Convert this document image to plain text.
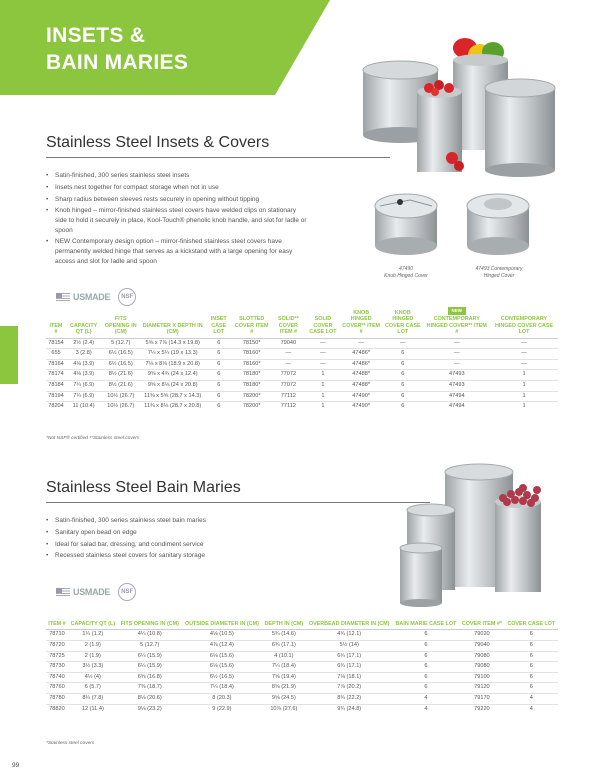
INSETS &
BAIN MARIES
Stainless Steel Insets & Covers
• Satin-finished, 300 series stainless steel insets
• Insets nest together for compact storage when not in use
• Sharp radius between sleeves rests securely in opening without tipping
• Knob hinged – mirror-finished stainless steel covers have welded clips on stationary side to hold it securely in place, Kool-Touch® phenolic knob handle, and slot for ladle or spoon
• NEW Contemporary design option – mirror-finished stainless steel covers have permanently welded hinge that serves as a kickstand with a large opening for easy access and slot for ladle and spoon
47490
Knob Hinged Cover
47493 Contemporary
Hinged Cover
USMADE	NSF
ITEM #	CAPACITY QT (L)	FITS OPENING IN (CM)	DIAMETER X DEPTH IN (CM)	INSET CASE LOT	SLOTTED COVER ITEM #	SOLID** COVER ITEM #	SOLID COVER CASE LOT	KNOB HINGED COVER** ITEM #	KNOB HINGED COVER CASE LOT	NEW
CONTEMPORARY HINGED COVER** ITEM #	CONTEMPORARY HINGED COVER CASE LOT
78154	2½ (2.4)	5 (12.7)	5⅝ x 7⅞ (14.3 x 19.8)	6	78150*	79040	—	—	—	—	—
655	3 (2.8)	6½ (16.5)	7¼ x 5¼ (19 x 13.3)	6	78160*	—	—	47486*	6	—	—
78164	4⅛ (3.9)	6½ (16.5)	7⅛ x 8⅛ (18.9 x 20.8)	6	78160*	—	—	47486*	6	—	—
78174	4⅛ (3.9)	8½ (21.6)	9⅝ x 4¾ (24 x 12.4)	6	78180*	77072	1	47488*	6	47493	1
78184	7¼ (6.9)	8½ (21.6)	9⅝ x 8⅛ (24 x 20.8)	6	78180*	77072	1	47488*	6	47493	1
78194	7¼ (6.9)	10½ (26.7)	11⅜ x 5⅝ (28.7 x 14.3)	6	78200*	77112	1	47490*	6	47494	1
78204	11 (10.4)	10½ (26.7)	11⅜ x 8⅛ (28.7 x 20.8)	6	78200*	77112	1	47490*	6	47494	1
*Not NSF® certified **Stainless steel covers
Stainless Steel Bain Maries
• Satin-finished, 300 series stainless steel bain maries
• Sanitary open bead on edge
• Ideal for salad bar, dressing, and condiment service
• Recessed stainless steel covers for sanitary storage
USMADE	NSF
ITEM #	CAPACITY QT (L)	FITS OPENING IN (CM)	OUTSIDE DIAMETER IN (CM)	DEPTH IN (CM)	OVERBEAD DIAMETER IN (CM)	BAIN MARIE CASE LOT	COVER ITEM #*	COVER CASE LOT
78710	1¼ (1.2)	4¼ (10.8)	4⅛ (10.5)	5¾ (14.6)	4¾ (12.1)	6	79020	6
78720	2 (1.9)	5 (12.7)	4⅞ (12.4)	6¾ (17.1)	5½ (14)	6	79040	6
78725	2 (1.9)	6¼ (15.9)	6⅛ (15.6)	4 (10.1)	6¾ (17.1)	6	79080	6
78730	3½ (3.3)	6¼ (15.9)	6⅛ (15.6)	7¼ (18.4)	6¾ (17.1)	6	79080	6
78740	4½ (4)	6⅝ (16.8)	6½ (16.5)	7⅝ (19.4)	7⅛ (18.1)	6	79100	6
78760	6 (5.7)	7⅜ (18.7)	7¼ (18.4)	8⅝ (21.9)	7⅞ (20.2)	6	79120	6
78780	8¼ (7.8)	8⅛ (20.6)	8 (20.3)	9⅝ (24.5)	8¾ (22.2)	4	79170	4
78820	12 (11.4)	9⅛ (23.2)	9 (22.9)	10⅞ (27.6)	9¾ (24.8)	4	79220	4
*Stainless steel covers
99
